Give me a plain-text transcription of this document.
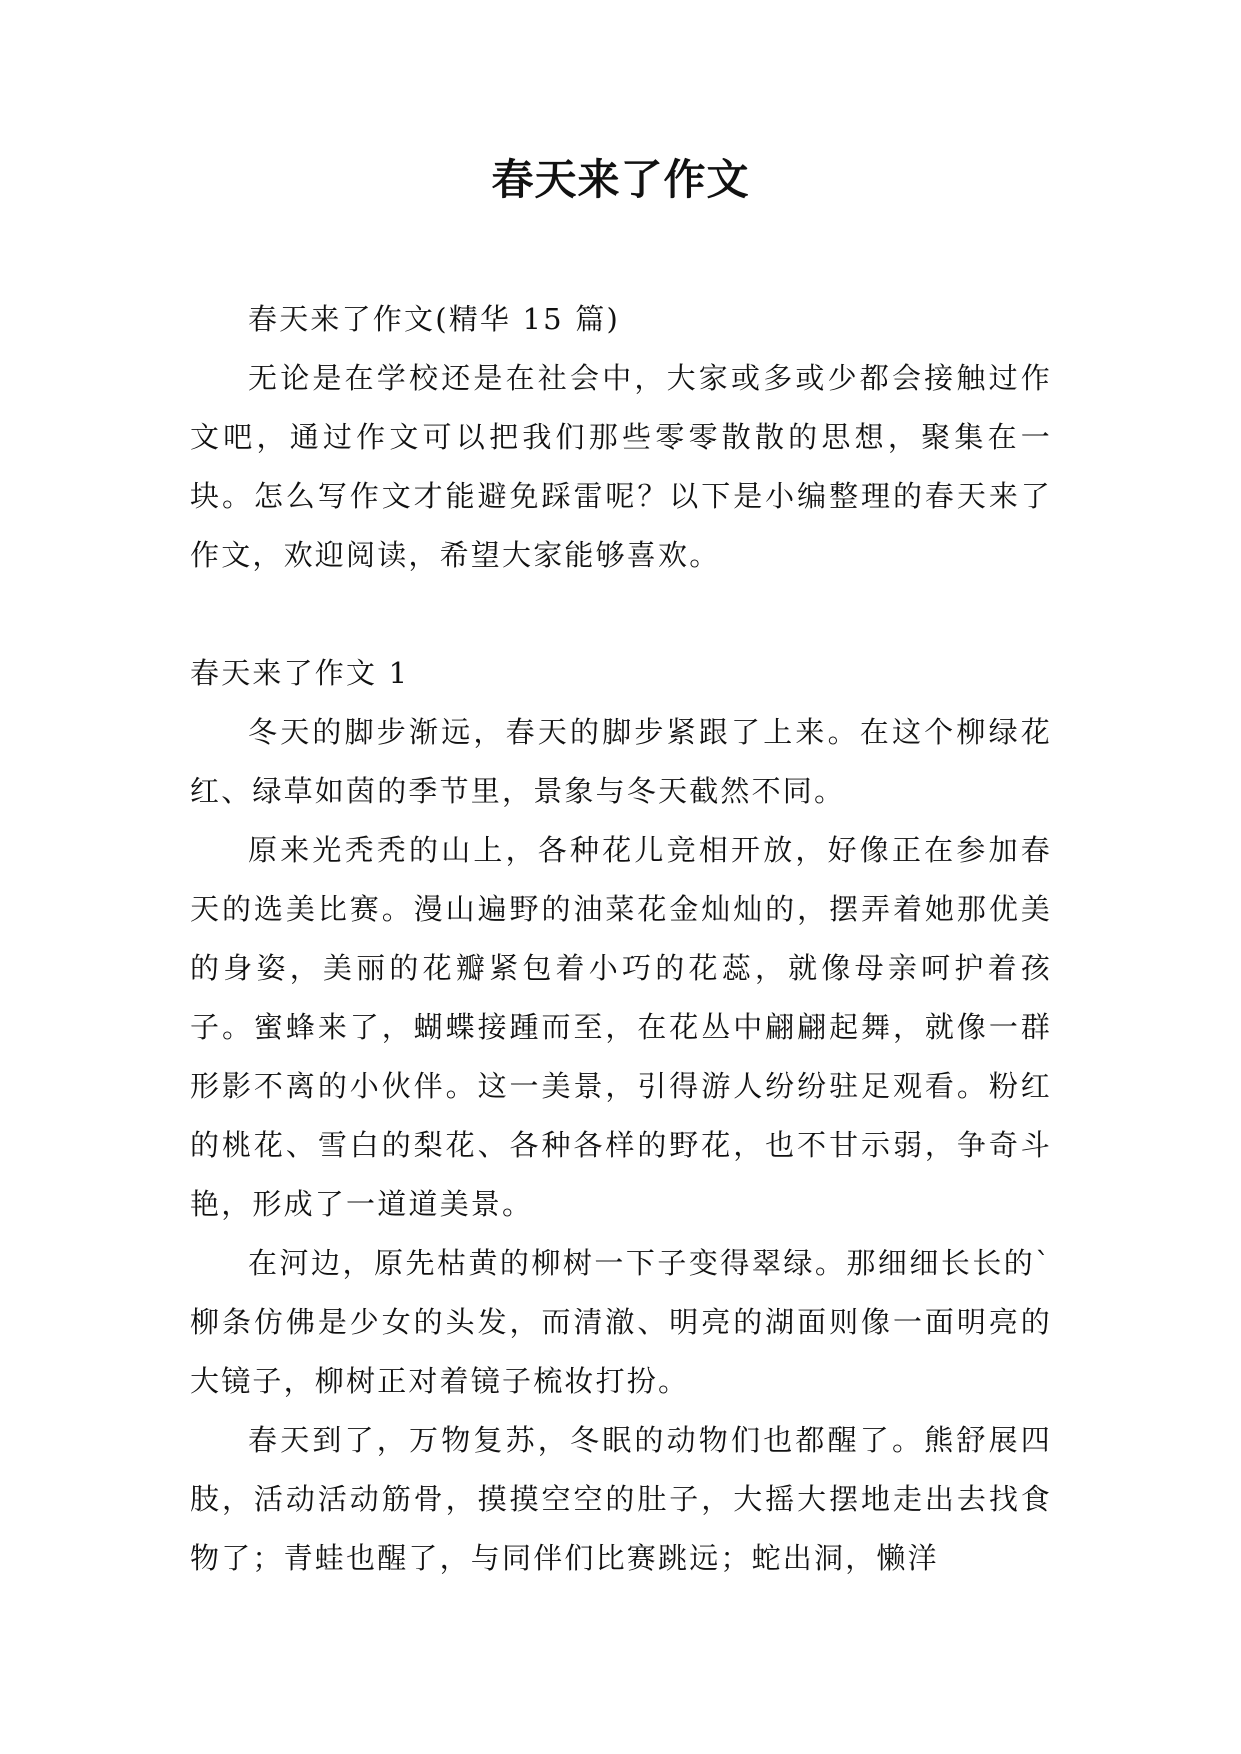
春天来了作文

春天来了作文(精华 15 篇)

无论是在学校还是在社会中，大家或多或少都会接触过作文吧，通过作文可以把我们那些零零散散的思想，聚集在一块。怎么写作文才能避免踩雷呢？以下是小编整理的春天来了作文，欢迎阅读，希望大家能够喜欢。

春天来了作文 1

冬天的脚步渐远，春天的脚步紧跟了上来。在这个柳绿花红、绿草如茵的季节里，景象与冬天截然不同。

原来光秃秃的山上，各种花儿竞相开放，好像正在参加春天的选美比赛。漫山遍野的油菜花金灿灿的，摆弄着她那优美的身姿，美丽的花瓣紧包着小巧的花蕊，就像母亲呵护着孩子。蜜蜂来了，蝴蝶接踵而至，在花丛中翩翩起舞，就像一群形影不离的小伙伴。这一美景，引得游人纷纷驻足观看。粉红的桃花、雪白的梨花、各种各样的野花，也不甘示弱，争奇斗艳，形成了一道道美景。

在河边，原先枯黄的柳树一下子变得翠绿。那细细长长的`柳条仿佛是少女的头发，而清澈、明亮的湖面则像一面明亮的大镜子，柳树正对着镜子梳妆打扮。

春天到了，万物复苏，冬眠的动物们也都醒了。熊舒展四肢，活动活动筋骨，摸摸空空的肚子，大摇大摆地走出去找食物了；青蛙也醒了，与同伴们比赛跳远；蛇出洞，懒洋
